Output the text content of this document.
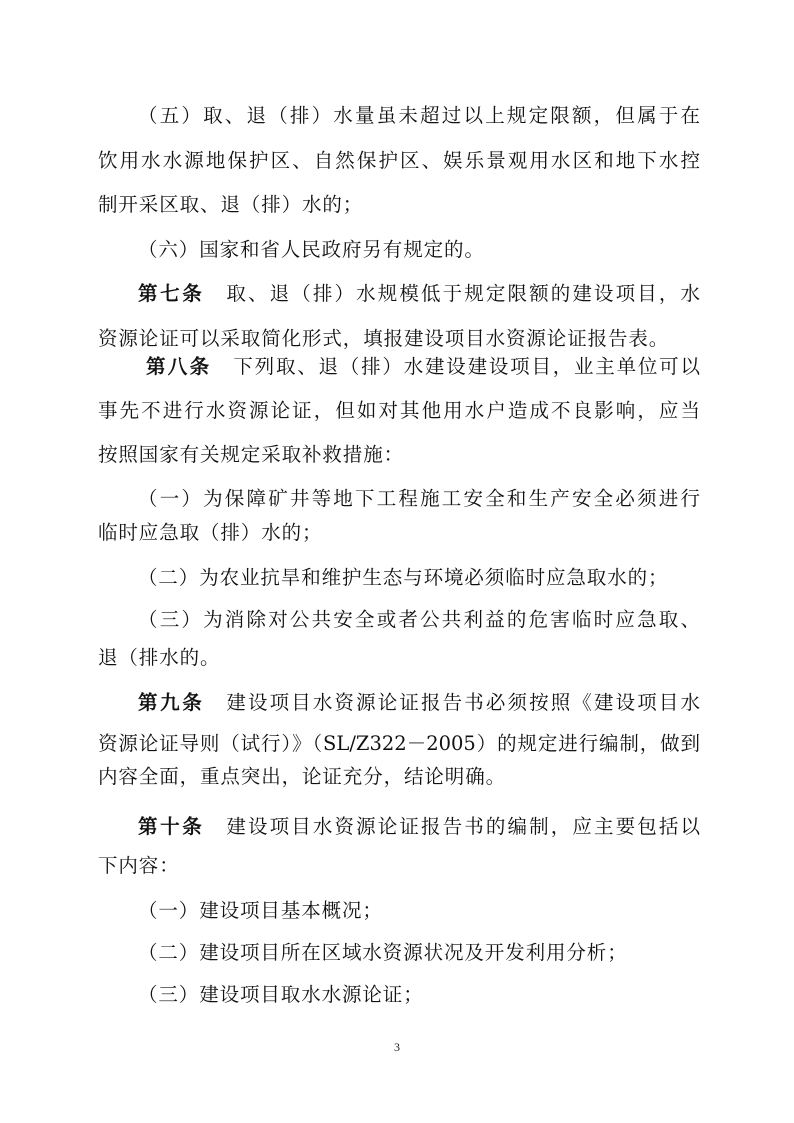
（五）取、退（排）水量虽未超过以上规定限额，但属于在
饮用水水源地保护区、自然保护区、娱乐景观用水区和地下水控
制开采区取、退（排）水的；
（六）国家和省人民政府另有规定的。
第七条 取、退（排）水规模低于规定限额的建设项目，水
资源论证可以采取简化形式，填报建设项目水资源论证报告表。
第八条 下列取、退（排）水建设建设项目，业主单位可以
事先不进行水资源论证，但如对其他用水户造成不良影响，应当
按照国家有关规定采取补救措施：
（一）为保障矿井等地下工程施工安全和生产安全必须进行
临时应急取（排）水的；
（二）为农业抗旱和维护生态与环境必须临时应急取水的；
（三）为消除对公共安全或者公共利益的危害临时应急取、
退（排水的。
第九条 建设项目水资源论证报告书必须按照《建设项目水
资源论证导则（试行）》（SL/Z322－2005）的规定进行编制，做到
内容全面，重点突出，论证充分，结论明确。
第十条 建设项目水资源论证报告书的编制，应主要包括以
下内容：
（一）建设项目基本概况；
（二）建设项目所在区域水资源状况及开发利用分析；
（三）建设项目取水水源论证；
3
